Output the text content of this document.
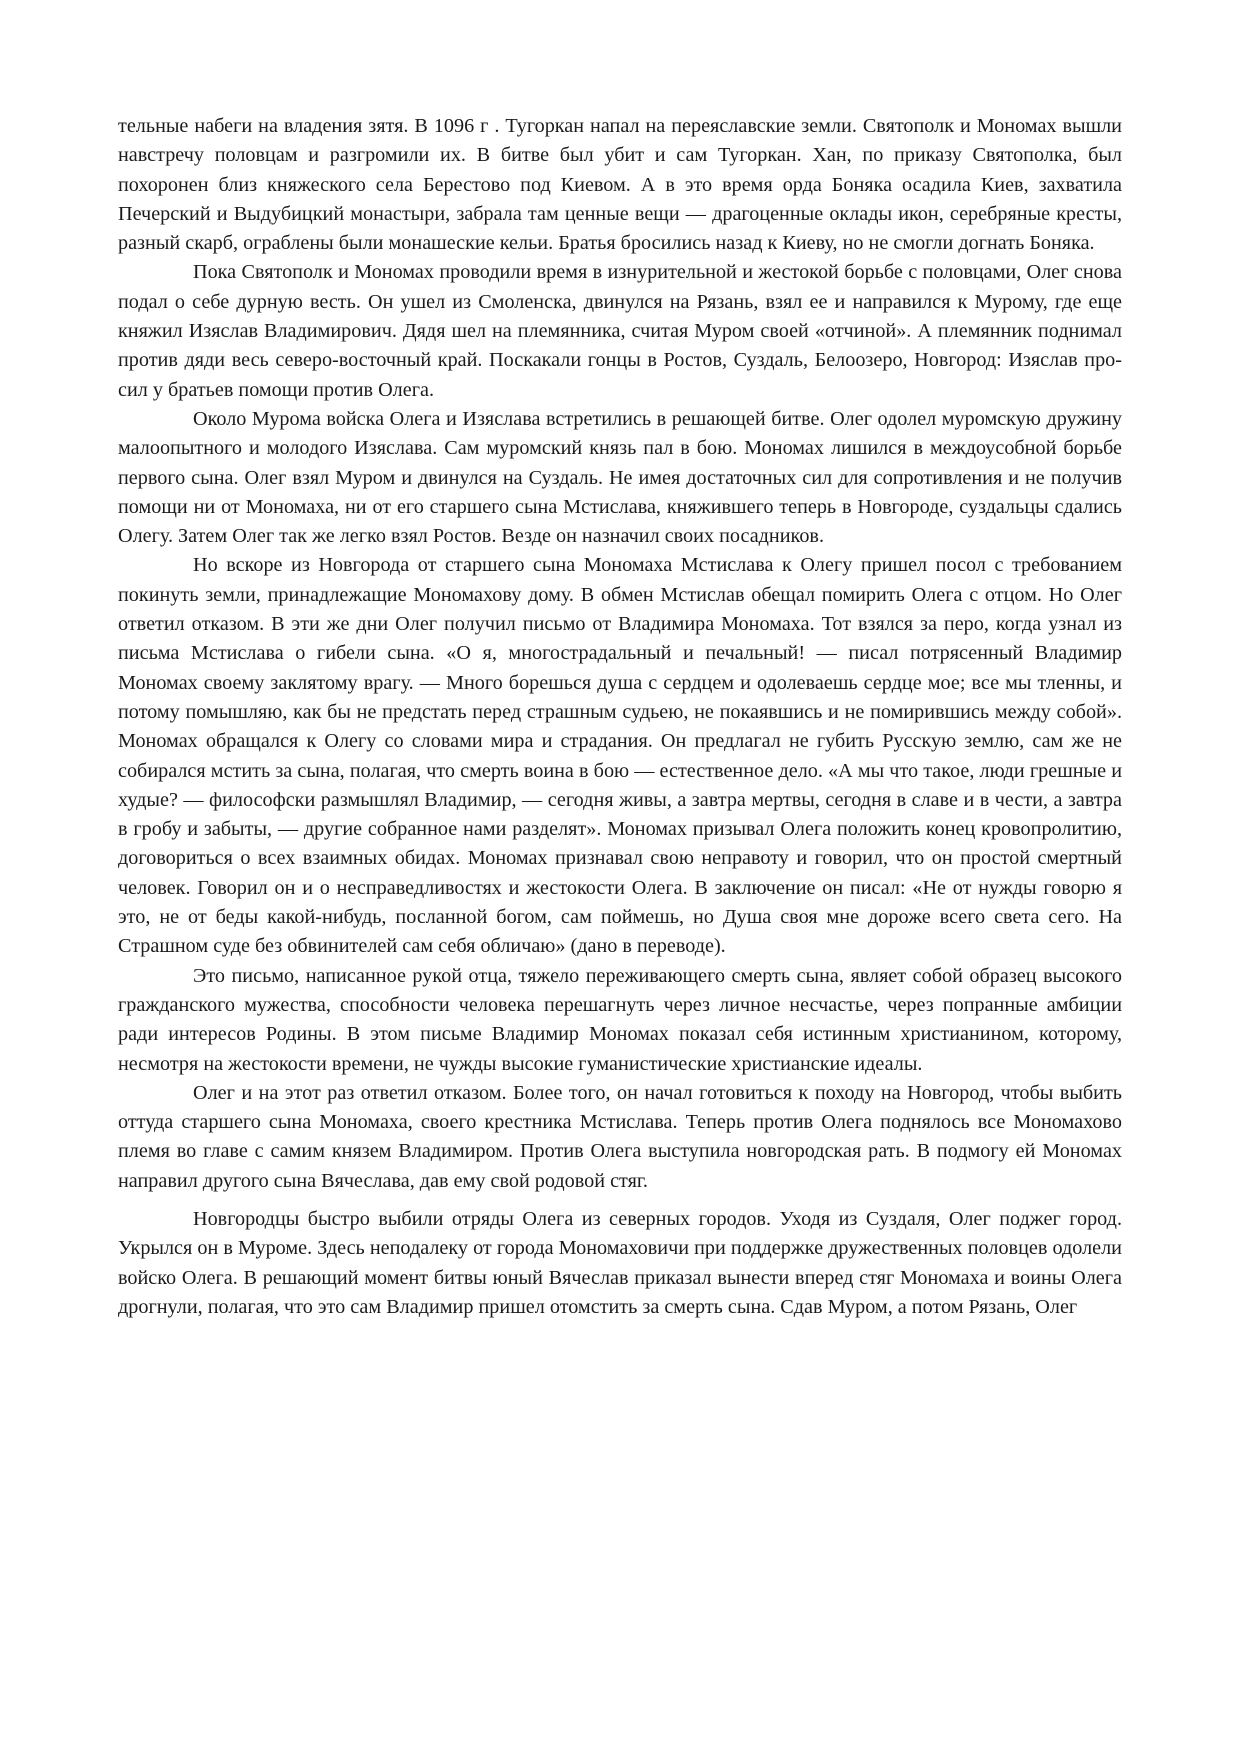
тельные набеги на владения зятя. В 1096 г . Тугоркан напал на переяславские земли. Святополк и Мономах вышли навстречу половцам и разгромили их. В битве был убит и сам Тугоркан. Хан, по приказу Святополка, был похоронен близ княжеского села Берестово под Киевом. А в это время орда Боняка осадила Киев, захватила Печерский и Выдубицкий монастыри, забрала там ценные вещи — драгоценные оклады икон, серебряные кресты, разный скарб, ограблены были монашеские кельи. Братья бросились назад к Киеву, но не смогли догнать Боняка.

Пока Святополк и Мономах проводили время в изнурительной и жестокой борьбе с половцами, Олег снова подал о себе дурную весть. Он ушел из Смоленска, двинулся на Рязань, взял ее и направился к Мурому, где еще княжил Изяслав Владимирович. Дядя шел на племянника, считая Муром своей «отчиной». А племянник поднимал против дяди весь северо-восточный край. Поскакали гонцы в Ростов, Суздаль, Белоозеро, Новгород: Изяслав просил у братьев помощи против Олега.

Около Мурома войска Олега и Изяслава встретились в решающей битве. Олег одолел муромскую дружину малоопытного и молодого Изяслава. Сам муромский князь пал в бою. Мономах лишился в междоусобной борьбе первого сына. Олег взял Муром и двинулся на Суздаль. Не имея достаточных сил для сопротивления и не получив помощи ни от Мономаха, ни от его старшего сына Мстислава, княжившего теперь в Новгороде, суздальцы сдались Олегу. Затем Олег так же легко взял Ростов. Везде он назначил своих посадников.

Но вскоре из Новгорода от старшего сына Мономаха Мстислава к Олегу пришел посол с требованием покинуть земли, принадлежащие Мономахову дому. В обмен Мстислав обещал помирить Олега с отцом. Но Олег ответил отказом. В эти же дни Олег получил письмо от Владимира Мономаха. Тот взялся за перо, когда узнал из письма Мстислава о гибели сына. «О я, многострадальный и печальный! — писал потрясенный Владимир Мономах своему заклятому врагу. — Много борешься душа с сердцем и одолеваешь сердце мое; все мы тленны, и потому помышляю, как бы не предстать перед страшным судьею, не покаявшись и не помирившись между собой». Мономах обращался к Олегу со словами мира и страдания. Он предлагал не губить Русскую землю, сам же не собирался мстить за сына, полагая, что смерть воина в бою — естественное дело. «А мы что такое, люди грешные и худые? — философски размышлял Владимир, — сегодня живы, а завтра мертвы, сегодня в славе и в чести, а завтра в гробу и забыты, — другие собранное нами разделят». Мономах призывал Олега положить конец кровопролитию, договориться о всех взаимных обидах. Мономах признавал свою неправоту и говорил, что он простой смертный человек. Говорил он и о несправедливостях и жестокости Олега. В заключение он писал: «Не от нужды говорю я это, не от беды какой-нибудь, посланной богом, сам поймешь, но Душа своя мне дороже всего света сего. На Страшном суде без обвинителей сам себя обличаю» (дано в переводе).

Это письмо, написанное рукой отца, тяжело переживающего смерть сына, являет собой образец высокого гражданского мужества, способности человека перешагнуть через личное несчастье, через попранные амбиции ради интересов Родины. В этом письме Владимир Мономах показал себя истинным христианином, которому, несмотря на жестокости времени, не чужды высокие гуманистические христианские идеалы.

Олег и на этот раз ответил отказом. Более того, он начал готовиться к походу на Новгород, чтобы выбить оттуда старшего сына Мономаха, своего крестника Мстислава. Теперь против Олега поднялось все Мономахово племя во главе с самим князем Владимиром. Против Олега выступила новгородская рать. В подмогу ей Мономах направил другого сына Вячеслава, дав ему свой родовой стяг.

Новгородцы быстро выбили отряды Олега из северных городов. Уходя из Суздаля, Олег поджег город. Укрылся он в Муроме. Здесь неподалеку от города Мономаховичи при поддержке дружественных половцев одолели войско Олега. В решающий момент битвы юный Вячеслав приказал вынести вперед стяг Мономаха и воины Олега дрогнули, полагая, что это сам Владимир пришел отомстить за смерть сына. Сдав Муром, а потом Рязань, Олег
